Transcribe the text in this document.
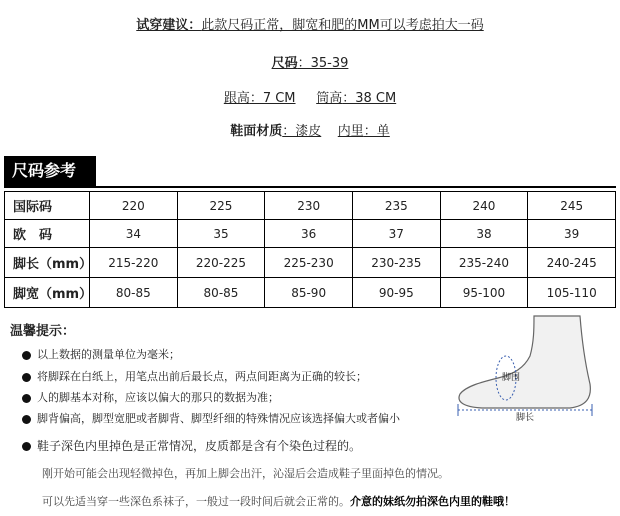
试穿建议：此款尺码正常，脚宽和肥的MM可以考虑拍大一码
尺码：35-39
跟高：7 CM 筒高：38 CM
鞋面材质：漆皮 内里：单
尺码参考
国际码	220	225	230	235	240	245
欧　码	34	35	36	37	38	39
脚长（mm）	215-220	220-225	225-230	230-235	235-240	240-245
脚宽（mm）	80-85	80-85	85-90	90-95	95-100	105-110
温馨提示：
以上数据的测量单位为毫米；
将脚踩在白纸上，用笔点出前后最长点，两点间距离为正确的较长；
人的脚基本对称，应该以偏大的那只的数据为准；
脚背偏高，脚型宽肥或者脚背、脚型纤细的特殊情况应该选择偏大或者偏小
鞋子深色内里掉色是正常情况，皮质都是含有个染色过程的。
刚开始可能会出现轻微掉色，再加上脚会出汗，沁湿后会造成鞋子里面掉色的情况。
可以先适当穿一些深色系袜子，一般过一段时间后就会正常的。介意的妹纸勿拍深色内里的鞋哦！
脚围
脚长
